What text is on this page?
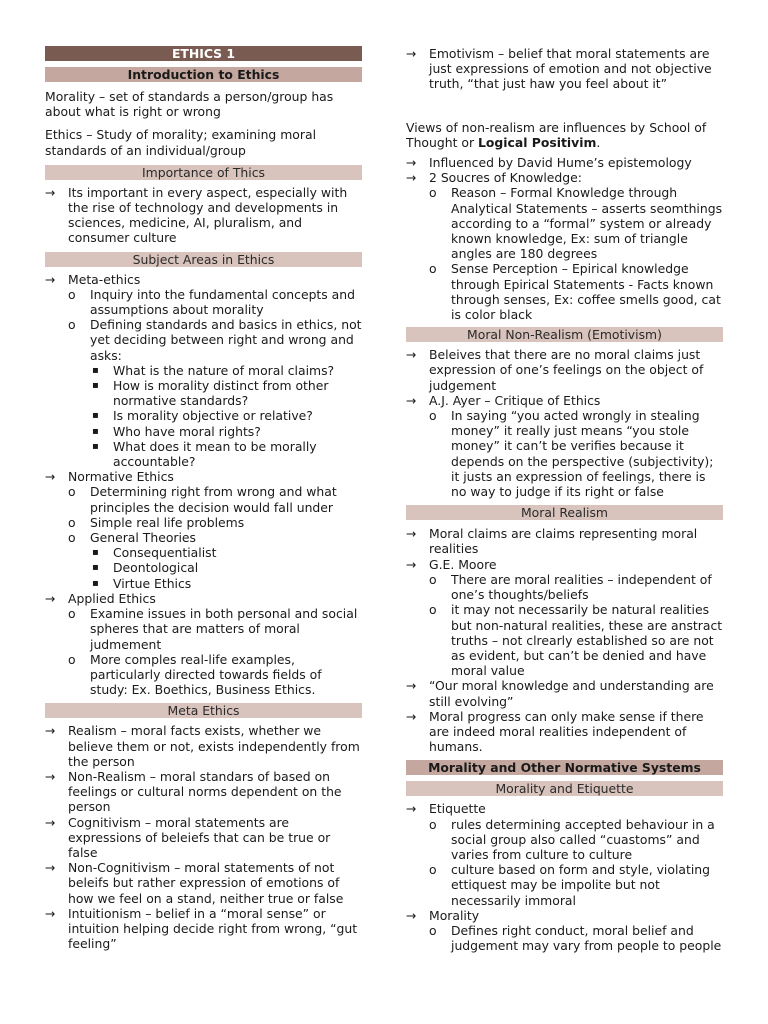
ETHICS 1
Introduction to Ethics

Morality – set of standards a person/group has about what is right or wrong

Ethics – Study of morality; examining moral standards of an individual/group

Importance of Thics
→ Its important in every aspect, especially with the rise of technology and developments in sciences, medicine, AI, pluralism, and consumer culture
Subject Areas in Ethics
→ Meta-ethics
o Inquiry into the fundamental concepts and assumptions about morality
o Defining standards and basics in ethics, not yet deciding between right and wrong and asks:
▪ What is the nature of moral claims?
▪ How is morality distinct from other normative standards?
▪ Is morality objective or relative?
▪ Who have moral rights?
▪ What does it mean to be morally accountable?
→ Normative Ethics
o Determining right from wrong and what principles the decision would fall under
o Simple real life problems
o General Theories
▪ Consequentialist
▪ Deontological
▪ Virtue Ethics
→ Applied Ethics
o Examine issues in both personal and social spheres that are matters of moral judmement
o More comples real-life examples, particularly directed towards fields of study: Ex. Boethics, Business Ethics.
Meta Ethics
→ Realism – moral facts exists, whether we believe them or not, exists independently from the person
→ Non-Realism – moral standars of based on feelings or cultural norms dependent on the person
→ Cognitivism – moral statements are expressions of beleiefs that can be true or false
→ Non-Cognitivism – moral statements of not beleifs but rather expression of emotions of how we feel on a stand, neither true or false
→ Intuitionism – belief in a “moral sense” or intuition helping decide right from wrong, “gut feeling”
→ Emotivism – belief that moral statements are just expressions of emotion and not objective truth, “that just haw you feel about it”

Views of non-realism are influences by School of Thought or Logical Positivim.

→ Influenced by David Hume’s epistemology
→ 2 Soucres of Knowledge:
o Reason – Formal Knowledge through Analytical Statements – asserts seomthings according to a “formal” system or already known knowledge, Ex: sum of triangle angles are 180 degrees
o Sense Perception – Epirical knowledge through Epirical Statements - Facts known through senses, Ex: coffee smells good, cat is color black
Moral Non-Realism (Emotivism)
→ Beleives that there are no moral claims just expression of one’s feelings on the object of judgement
→ A.J. Ayer – Critique of Ethics
o In saying “you acted wrongly in stealing money” it really just means “you stole money” it can’t be verifies because it depends on the perspective (subjectivity); it justs an expression of feelings, there is no way to judge if its right or false
Moral Realism
→ Moral claims are claims representing moral realities
→ G.E. Moore
o There are moral realities – independent of one’s thoughts/beliefs
o it may not necessarily be natural realities but non-natural realities, these are anstract truths – not clrearly established so are not as evident, but can’t be denied and have moral value
→ “Our moral knowledge and understanding are still evolving”
→ Moral progress can only make sense if there are indeed moral realities independent of humans.
Morality and Other Normative Systems
Morality and Etiquette
→ Etiquette
o rules determining accepted behaviour in a social group also called “cuastoms” and varies from culture to culture
o culture based on form and style, violating ettiquest may be impolite but not necessarily immoral
→ Morality
o Defines right conduct, moral belief and judgement may vary from people to people
